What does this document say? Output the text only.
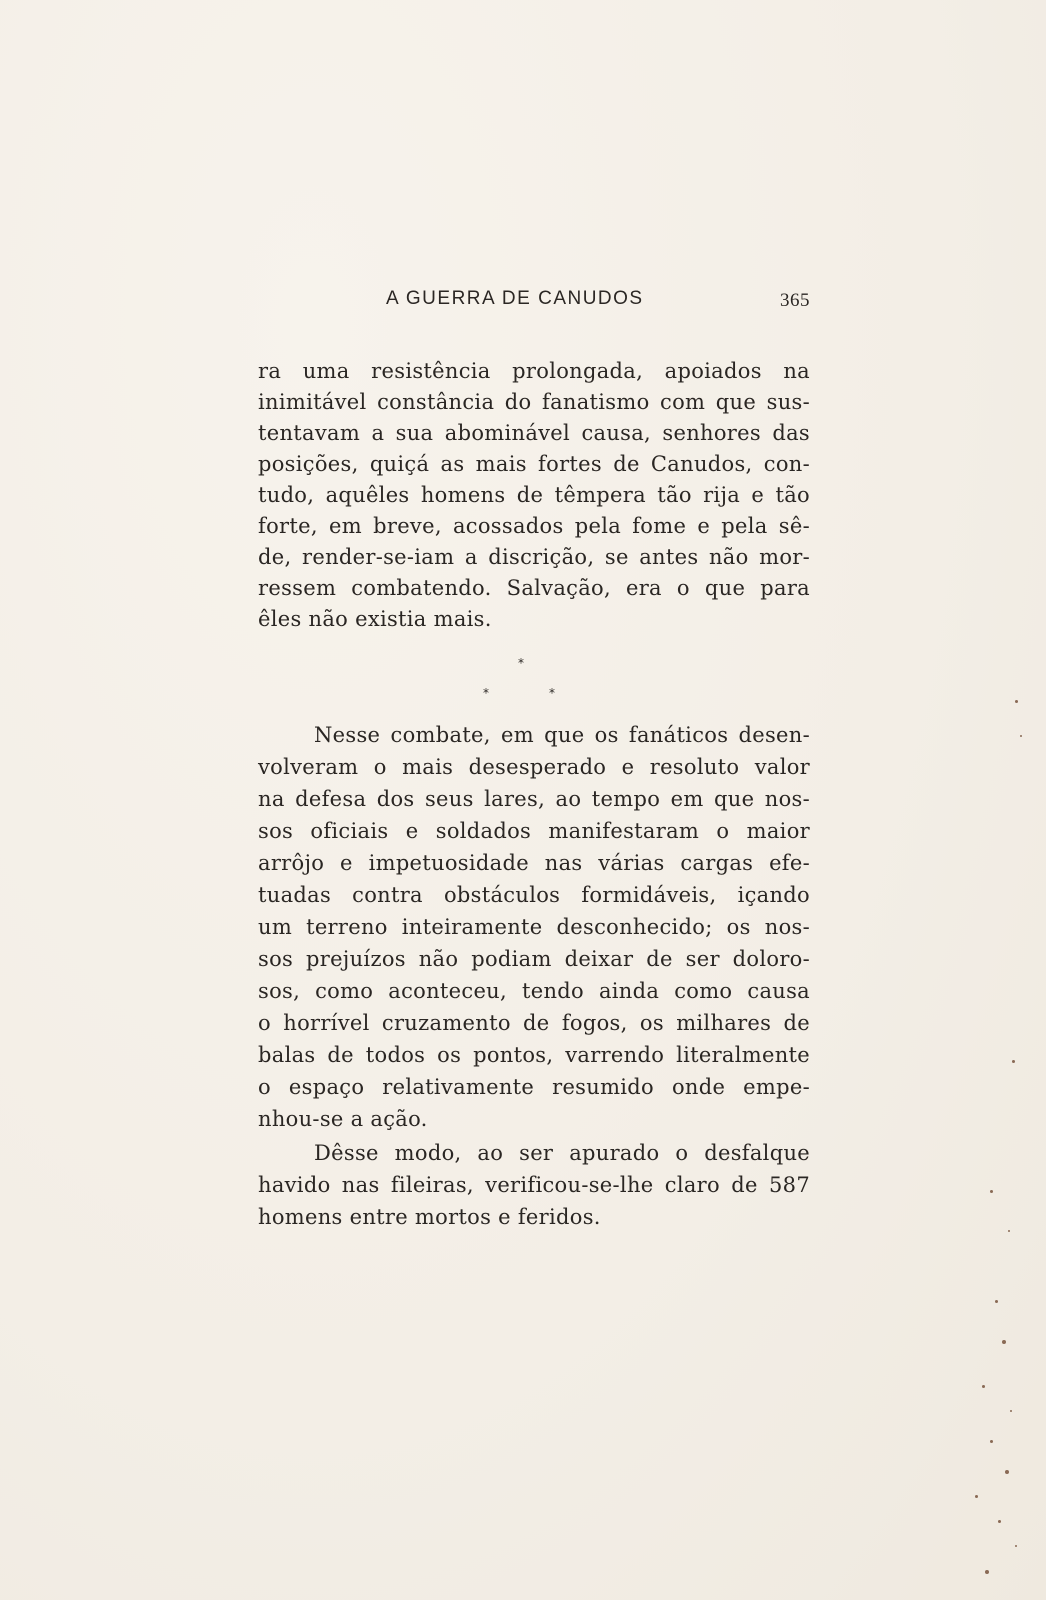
A GUERRA DE CANUDOS	365
ra uma resistência prolongada, apoiados na
inimitável constância do fanatismo com que sus-
tentavam a sua abominável causa, senhores das
posições, quiçá as mais fortes de Canudos, con-
tudo, aquêles homens de têmpera tão rija e tão
forte, em breve, acossados pela fome e pela sê-
de, render-se-iam a discrição, se antes não mor-
ressem combatendo. Salvação, era o que para
êles não existia mais.
*
*	*
Nesse combate, em que os fanáticos desen-
volveram o mais desesperado e resoluto valor
na defesa dos seus lares, ao tempo em que nos-
sos oficiais e soldados manifestaram o maior
arrôjo e impetuosidade nas várias cargas efe-
tuadas contra obstáculos formidáveis, içando
um terreno inteiramente desconhecido; os nos-
sos prejuízos não podiam deixar de ser doloro-
sos, como aconteceu, tendo ainda como causa
o horrível cruzamento de fogos, os milhares de
balas de todos os pontos, varrendo literalmente
o espaço relativamente resumido onde empe-
nhou-se a ação.
Dêsse modo, ao ser apurado o desfalque
havido nas fileiras, verificou-se-lhe claro de 587
homens entre mortos e feridos.
